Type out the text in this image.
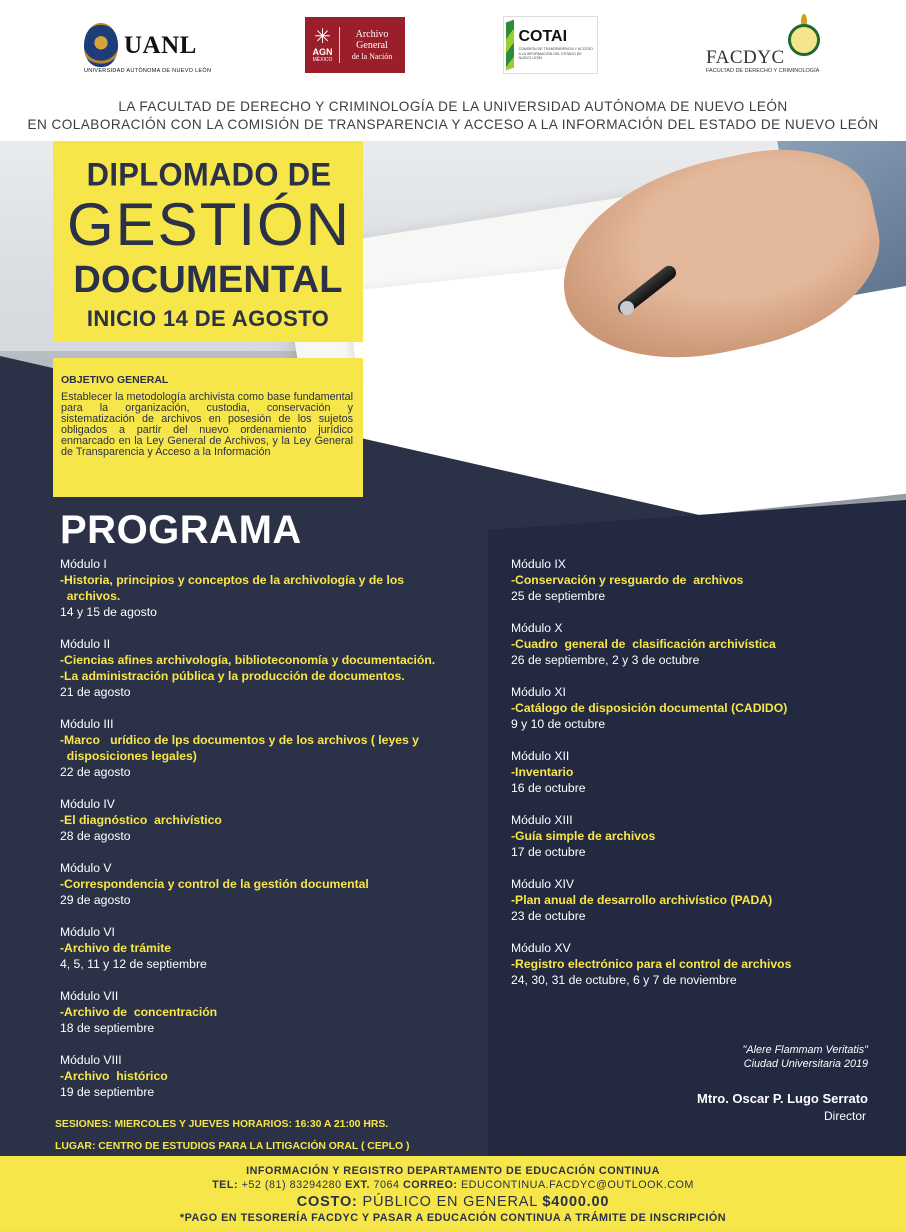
UANL
UNIVERSIDAD AUTÓNOMA DE NUEVO LEÓN
✳
AGN
MÉXICO
Archivo
General
de la Nación
COTAI
COMISIÓN DE TRANSPARENCIA Y ACCESO A LA INFORMACIÓN DEL ESTADO DE NUEVO LEÓN	FACDYC
FACULTAD DE DERECHO Y CRIMINOLOGÍA
LA FACULTAD DE DERECHO Y CRIMINOLOGÍA DE LA UNIVERSIDAD AUTÓNOMA DE NUEVO LEÓN
EN COLABORACIÓN CON LA COMISIÓN DE TRANSPARENCIA Y ACCESO A LA INFORMACIÓN DEL ESTADO DE NUEVO LEÓN
DIPLOMADO DE
GESTIÓN
DOCUMENTAL
INICIO 14 DE AGOSTO
OBJETIVO GENERAL
Establecer la metodología archivista como base fundamental para la organización, custodia, conservación y sistematización de archivos en posesión de los sujetos obligados a partir del nuevo ordenamiento jurídico enmarcado en la Ley General de Archivos, y la Ley General de Transparencia y Acceso a la Información
PROGRAMA
Módulo I
-Historia, principios y conceptos de la archivología y de los
archivos.
14 y 15 de agosto
Módulo II
-Ciencias afines archivología, biblioteconomía y documentación.
-La administración pública y la producción de documentos.
21 de agosto
Módulo III
-Marco   urídico de lps documentos y de los archivos ( leyes y
disposiciones legales)
22 de agosto
Módulo IV
-El diagnóstico  archivístico
28 de agosto
Módulo V
-Correspondencia y control de la gestión documental
29 de agosto
Módulo VI
-Archivo de trámite
4, 5, 11 y 12 de septiembre
Módulo VII
-Archivo de  concentración
18 de septiembre
Módulo VIII
-Archivo  histórico
19 de septiembre
Módulo IX
-Conservación y resguardo de  archivos
25 de septiembre
Módulo X
-Cuadro  general de  clasificación archivística
26 de septiembre, 2 y 3 de octubre
Módulo XI
-Catálogo de disposición documental (CADIDO)
9 y 10 de octubre
Módulo XII
-Inventario
16 de octubre
Módulo XIII
-Guía simple de archivos
17 de octubre
Módulo XIV
-Plan anual de desarrollo archivístico (PADA)
23 de octubre
Módulo XV
-Registro electrónico para el control de archivos
24, 30, 31 de octubre, 6 y 7 de noviembre
SESIONES: MIERCOLES Y JUEVES HORARIOS: 16:30 A 21:00 HRS.
LUGAR: CENTRO DE ESTUDIOS PARA LA LITIGACIÓN ORAL ( CEPLO )
"Alere Flammam Veritatis"
Ciudad Universitaria 2019
Mtro. Oscar P. Lugo Serrato
Director
INFORMACIÓN Y REGISTRO DEPARTAMENTO DE EDUCACIÓN CONTINUA
TEL: +52 (81) 83294280 EXT. 7064 CORREO: EDUCONTINUA.FACDYC@OUTLOOK.COM
COSTO: PÚBLICO EN GENERAL $4000.00
*PAGO EN TESORERÍA FACDYC Y PASAR A EDUCACIÓN CONTINUA A TRÁMITE DE INSCRIPCIÓN
